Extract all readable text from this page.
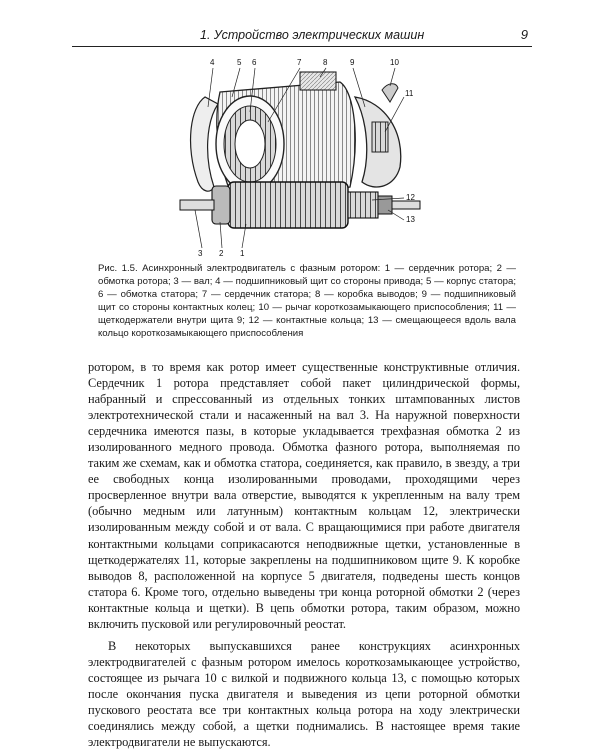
1. Устройство электрических машин	9
4	5 6	7	8	9	10
11
12
13
3 2 1
Рис. 1.5. Асинхронный электродвигатель с фазным ротором: 1 — сердечник ротора; 2 — обмотка ротора; 3 — вал; 4 — подшипниковый щит со стороны привода; 5 — корпус статора; 6 — обмотка статора; 7 — сердечник статора; 8 — коробка выводов; 9 — подшипниковый щит со стороны контактных колец; 10 — рычаг короткозамыкающего приспособления; 11 — щеткодержатели внутри щита 9; 12 — контактные кольца; 13 — смещающееся вдоль вала кольцо короткозамыкающего приспособления

ротором, в то время как ротор имеет существенные конструктивные отличия. Сердечник 1 ротора представляет собой пакет цилиндрической формы, набранный и спрессованный из отдельных тонких штампованных листов электротехнической стали и насаженный на вал 3. На наружной поверхности сердечника имеются пазы, в которые укладывается трехфазная обмотка 2 из изолированного медного провода. Обмотка фазного ротора, выполняемая по таким же схемам, как и обмотка статора, соединяется, как правило, в звезду, а три ее свободных конца изолированными проводами, проходящими через просверленное внутри вала отверстие, выводятся к укрепленным на валу трем (обычно медным или латунным) контактным кольцам 12, электрически изолированным между собой и от вала. С вращающимися при работе двигателя контактными кольцами соприкасаются неподвижные щетки, установленные в щеткодержателях 11, которые закреплены на подшипниковом щите 9. К коробке выводов 8, расположенной на корпусе 5 двигателя, подведены шесть концов статора 6. Кроме того, отдельно выведены три конца роторной обмотки 2 (через контактные кольца и щетки). В цепь обмотки ротора, таким образом, можно включить пусковой или регулировочный реостат.

В некоторых выпускавшихся ранее конструкциях асинхронных электродвигателей с фазным ротором имелось короткозамыкающее устройство, состоящее из рычага 10 с вилкой и подвижного кольца 13, с помощью которых после окончания пуска двигателя и выведения из цепи роторной обмотки пускового реостата все три контактных кольца ротора на ходу электрически соединялись между собой, а щетки поднимались. В настоящее время такие электродвигатели не выпускаются.
